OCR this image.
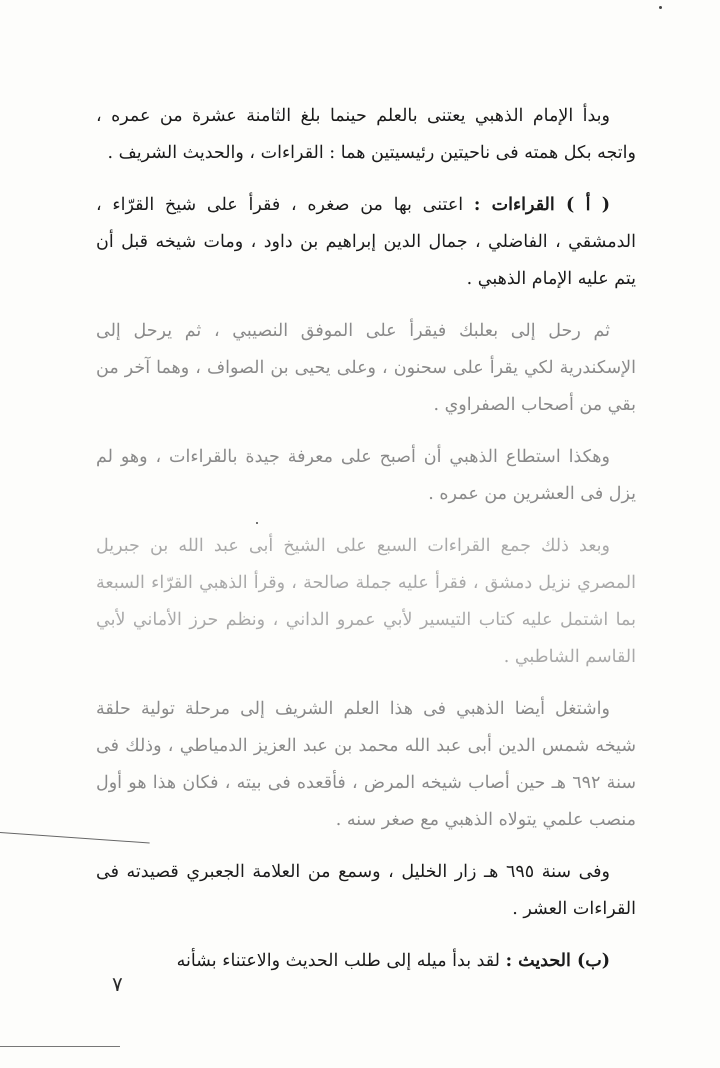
وبدأ الإمام الذهبي يعتنى بالعلم حينما بلغ الثامنة عشرة من عمره ، واتجه بكل همته فى ناحيتين رئيسيتين هما : القراءات ، والحديث الشريف .

( أ ) القراءات : اعتنى بها من صغره ، فقرأ على شيخ القرّاء ، الدمشقي ، الفاضلي ، جمال الدين إبراهيم بن داود ، ومات شيخه قبل أن يتم عليه الإمام الذهبي .

ثم رحل إلى بعلبك فيقرأ على الموفق النصيبي ، ثم يرحل إلى الإسكندرية لكي يقرأ على سحنون ، وعلى يحيى بن الصواف ، وهما آخر من بقي من أصحاب الصفراوي .

وهكذا استطاع الذهبي أن أصبح على معرفة جيدة بالقراءات ، وهو لم يزل فى العشرين من عمره .

وبعد ذلك جمع القراءات السبع على الشيخ أبى عبد الله بن جبريل المصري نزيل دمشق ، فقرأ عليه جملة صالحة ، وقرأ الذهبي القرّاء السبعة بما اشتمل عليه كتاب التيسير لأبي عمرو الداني ، ونظم حرز الأماني لأبي القاسم الشاطبي .

واشتغل أيضا الذهبي فى هذا العلم الشريف إلى مرحلة تولية حلقة شيخه شمس الدين أبى عبد الله محمد بن عبد العزيز الدمياطي ، وذلك فى سنة ٦٩٢ هـ حين أصاب شيخه المرض ، فأقعده فى بيته ، فكان هذا هو أول منصب علمي يتولاه الذهبي مع صغر سنه .

وفى سنة ٦٩٥ هـ زار الخليل ، وسمع من العلامة الجعبري قصيدته فى القراءات العشر .

(ب) الحديث : لقد بدأ ميله إلى طلب الحديث والاعتناء بشأنه

٧
